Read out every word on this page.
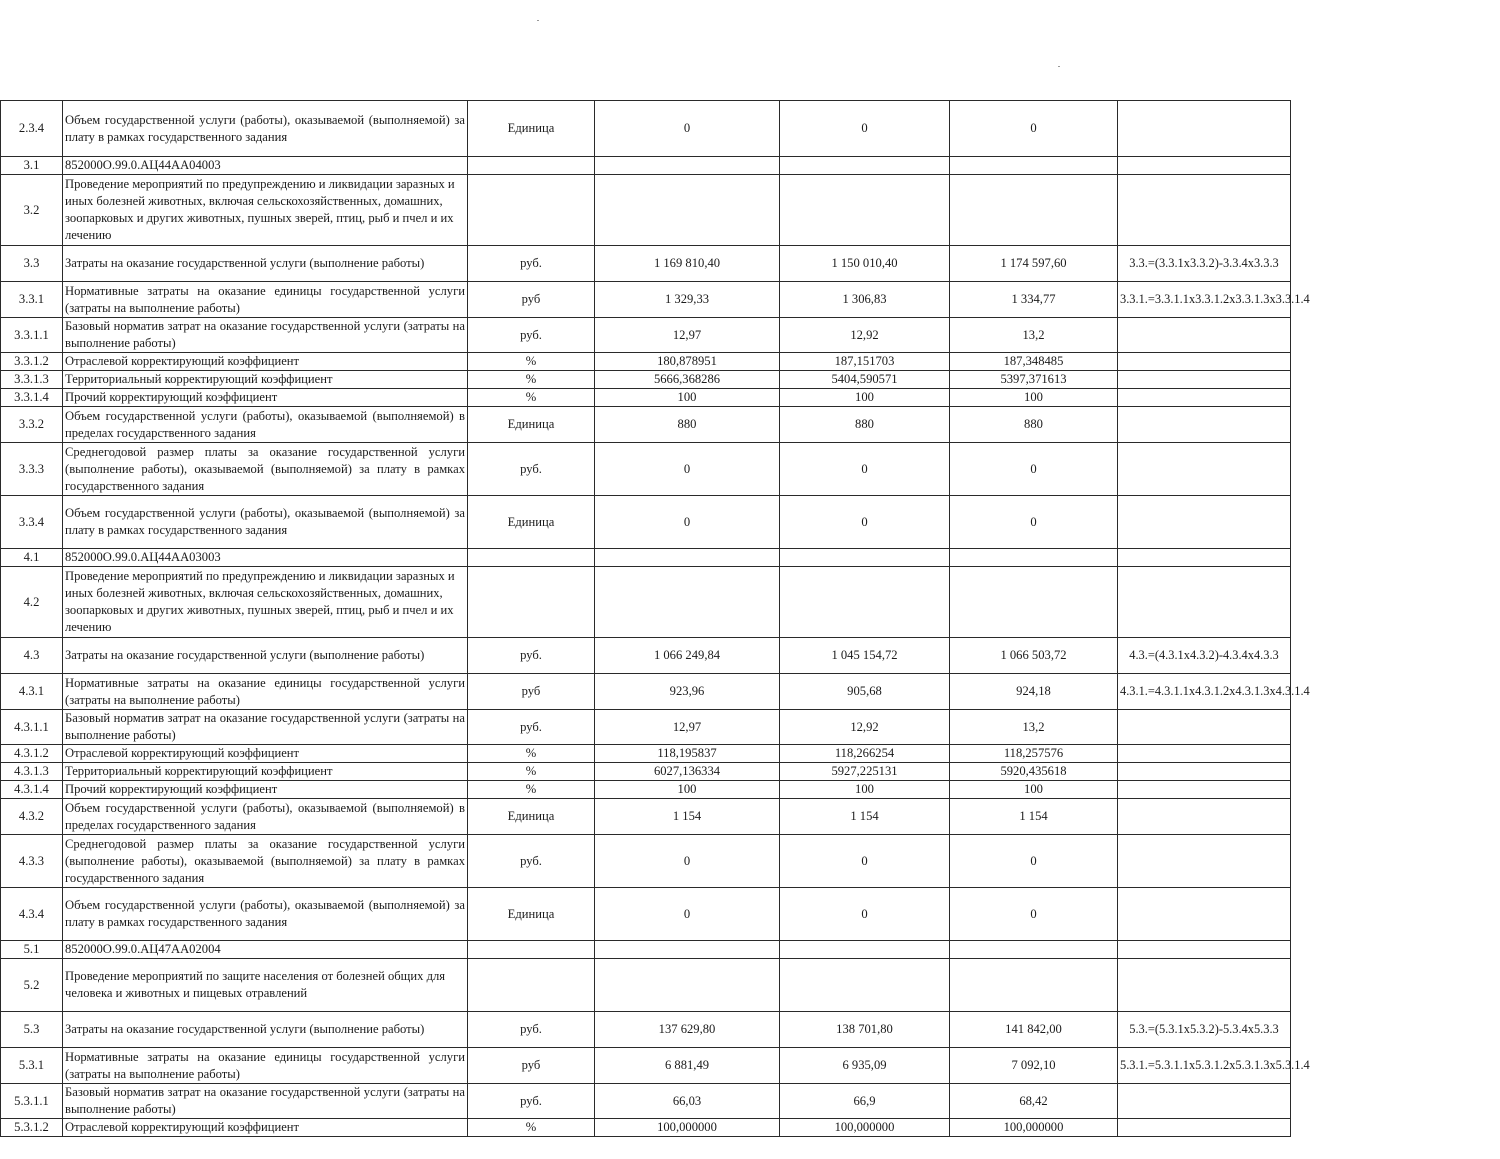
2.3.4	Объем государственной услуги (работы), оказываемой (выполняемой) за плату в рамках государственного задания	Единица	0	0	0	
3.1	852000О.99.0.АЦ44АА04003					
3.2	Проведение мероприятий по предупреждению и ликвидации заразных и иных болезней животных, включая сельскохозяйственных, домашних, зоопарковых и других животных, пушных зверей, птиц, рыб и пчел и их лечению					
3.3	Затраты на оказание государственной услуги (выполнение работы)	руб.	1 169 810,40	1 150 010,40	1 174 597,60	3.3.=(3.3.1х3.3.2)-3.3.4х3.3.3
3.3.1	Нормативные затраты на оказание единицы государственной услуги (затраты на выполнение работы)	руб	1 329,33	1 306,83	1 334,77	3.3.1.=3.3.1.1х3.3.1.2х3.3.1.3х3.3.1.4
3.3.1.1	Базовый норматив затрат на оказание государственной услуги (затраты на выполнение работы)	руб.	12,97	12,92	13,2	
3.3.1.2	Отраслевой корректирующий коэффициент	%	180,878951	187,151703	187,348485	
3.3.1.3	Территориальный корректирующий коэффициент	%	5666,368286	5404,590571	5397,371613	
3.3.1.4	Прочий корректирующий коэффициент	%	100	100	100	
3.3.2	Объем государственной услуги (работы), оказываемой (выполняемой) в пределах государственного задания	Единица	880	880	880	
3.3.3	Среднегодовой размер платы за оказание государственной услуги (выполнение работы), оказываемой (выполняемой) за плату в рамках государственного задания	руб.	0	0	0	
3.3.4	Объем государственной услуги (работы), оказываемой (выполняемой) за плату в рамках государственного задания	Единица	0	0	0	
4.1	852000О.99.0.АЦ44АА03003					
4.2	Проведение мероприятий по предупреждению и ликвидации заразных и иных болезней животных, включая сельскохозяйственных, домашних, зоопарковых и других животных, пушных зверей, птиц, рыб и пчел и их лечению					
4.3	Затраты на оказание государственной услуги (выполнение работы)	руб.	1 066 249,84	1 045 154,72	1 066 503,72	4.3.=(4.3.1х4.3.2)-4.3.4х4.3.3
4.3.1	Нормативные затраты на оказание единицы государственной услуги (затраты на выполнение работы)	руб	923,96	905,68	924,18	4.3.1.=4.3.1.1х4.3.1.2х4.3.1.3х4.3.1.4
4.3.1.1	Базовый норматив затрат на оказание государственной услуги (затраты на выполнение работы)	руб.	12,97	12,92	13,2	
4.3.1.2	Отраслевой корректирующий коэффициент	%	118,195837	118,266254	118,257576	
4.3.1.3	Территориальный корректирующий коэффициент	%	6027,136334	5927,225131	5920,435618	
4.3.1.4	Прочий корректирующий коэффициент	%	100	100	100	
4.3.2	Объем государственной услуги (работы), оказываемой (выполняемой) в пределах государственного задания	Единица	1 154	1 154	1 154	
4.3.3	Среднегодовой размер платы за оказание государственной услуги (выполнение работы), оказываемой (выполняемой) за плату в рамках государственного задания	руб.	0	0	0	
4.3.4	Объем государственной услуги (работы), оказываемой (выполняемой) за плату в рамках государственного задания	Единица	0	0	0	
5.1	852000О.99.0.АЦ47АА02004					
5.2	Проведение мероприятий по защите населения от болезней общих для человека и животных и пищевых отравлений					
5.3	Затраты на оказание государственной услуги (выполнение работы)	руб.	137 629,80	138 701,80	141 842,00	5.3.=(5.3.1х5.3.2)-5.3.4х5.3.3
5.3.1	Нормативные затраты на оказание единицы государственной услуги (затраты на выполнение работы)	руб	6 881,49	6 935,09	7 092,10	5.3.1.=5.3.1.1х5.3.1.2х5.3.1.3х5.3.1.4
5.3.1.1	Базовый норматив затрат на оказание государственной услуги (затраты на выполнение работы)	руб.	66,03	66,9	68,42	
5.3.1.2	Отраслевой корректирующий коэффициент	%	100,000000	100,000000	100,000000	
